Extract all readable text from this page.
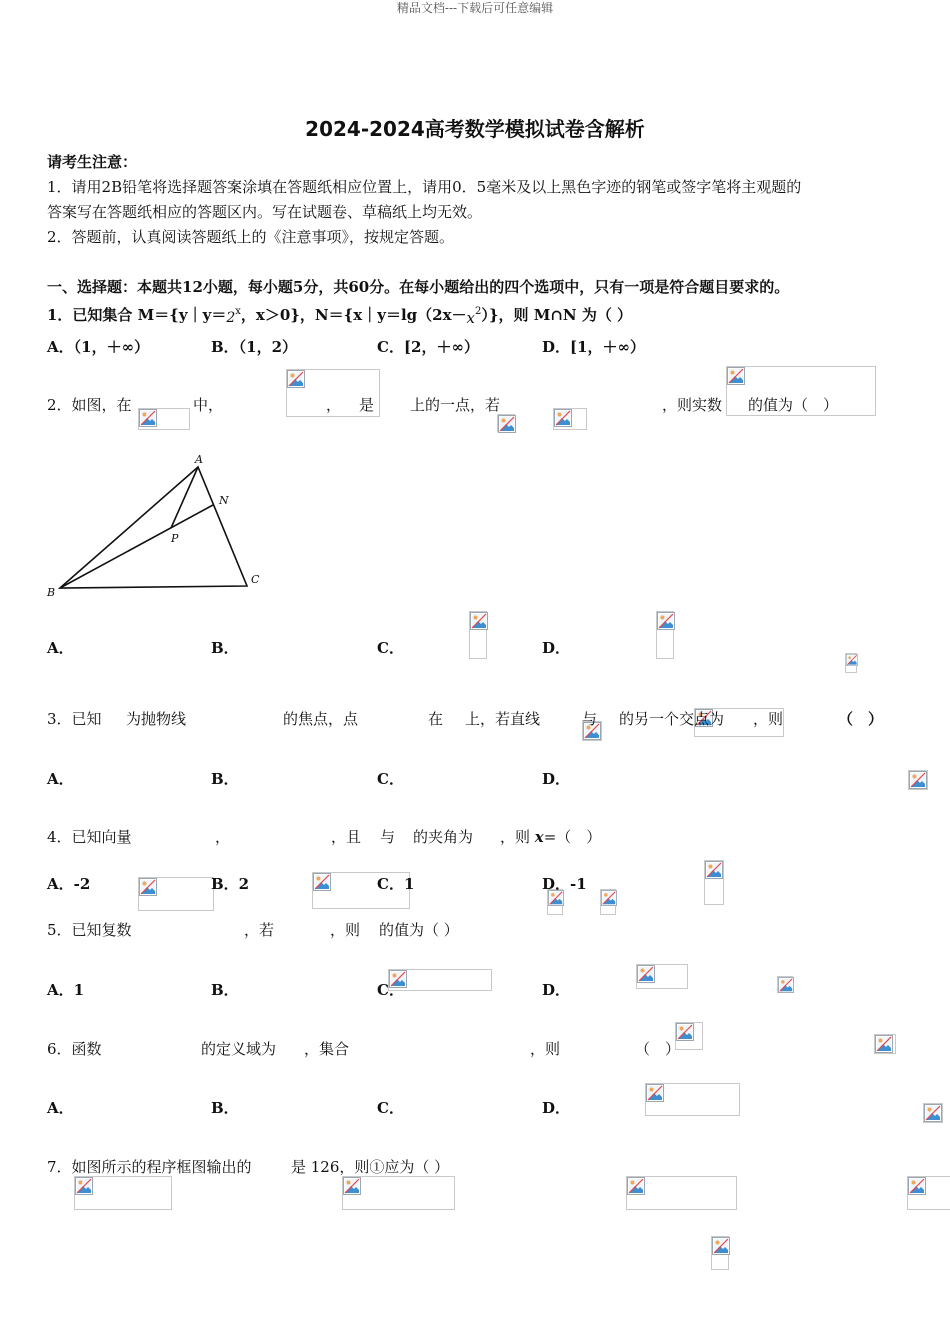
精品文档---下载后可任意编辑
2024-2024高考数学模拟试卷含解析
请考生注意：
1．请用2B铅笔将选择题答案涂填在答题纸相应位置上，请用0．5毫米及以上黑色字迹的钢笔或签字笔将主观题的
答案写在答题纸相应的答题区内。写在试题卷、草稿纸上均无效。
2．答题前，认真阅读答题纸上的《注意事项》，按规定答题。
一、选择题：本题共12小题，每小题5分，共60分。在每小题给出的四个选项中，只有一项是符合题目要求的。
1．已知集合 $M=\{y|y=2^x$，x＞0}，$N=\{x|y=\lg(2x-x^2)\}$，则 M∩N 为（ ）
A．（1，＋∞）	B．（1，2）	C．[2，＋∞）	D．[1，＋∞）
2．如图，在
	中，
	，
是
上的一点，若
	，则实数
的值为（　）
A
N
P
B
C
A．
	B．
	C．
	D．

3．已知
为抛物线
	的焦点，点
	在
上，若直线
	与
的另一个交点为
，则
	（　）
A．
	B．
	C．
	D．

4．已知向量
	，
	，且
与
的夹角为
，则 x=（　）
A．-2	B．2	C．1	D．-1
5．已知复数
	，若
	，则
的值为（ ）
A．1	B．
	C．
	D．

6．函数
	的定义域为
，集合
	，则
	（　）
A．
	B．
	C．
	D．

7．如图所示的程序框图输出的	是 126，则①应为（ ）
